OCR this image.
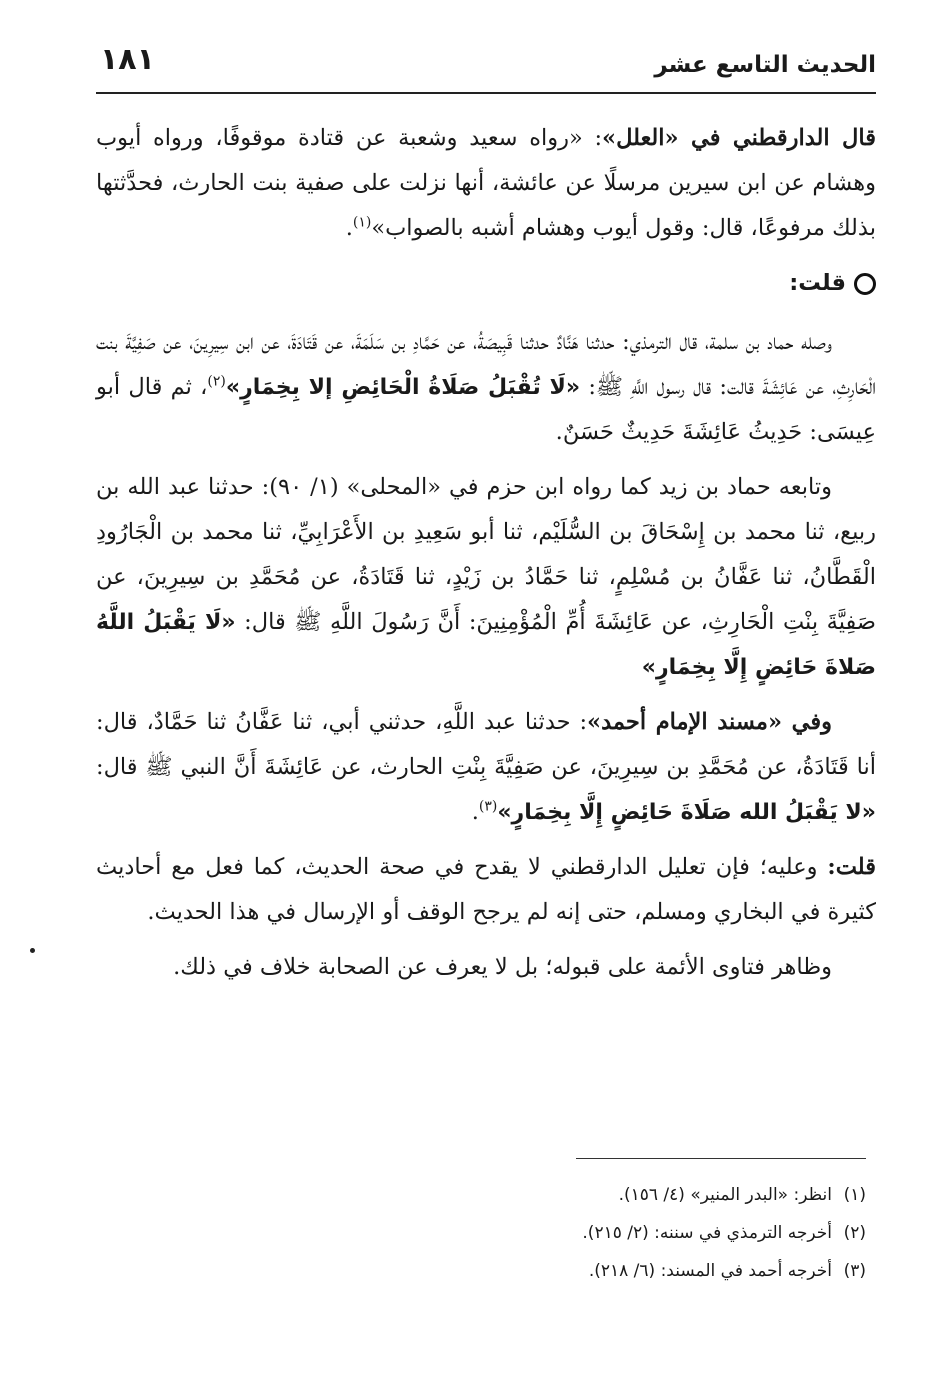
الحديث التاسع عشر
١٨١

قال الدارقطني في «العلل»: «رواه سعيد وشعبة عن قتادة موقوفًا، ورواه أيوب وهشام عن ابن سيرين مرسلًا عن عائشة، أنها نزلت على صفية بنت الحارث، فحدَّثتها بذلك مرفوعًا، قال: وقول أيوب وهشام أشبه بالصواب»$^{(١)}$.

قلت:

وصله حماد بن سلمة، قال الترمذي: حدثنا هَنَّادٌ حدثنا قَبِيصَةُ، عن حَمَّادِ بن سَلَمَةَ، عن قَتَادَةَ، عن ابن سِيرِينَ، عن صَفِيَّةَ بنت الْحَارِثِ، عن عَائِشَةَ قالت: قال رسول اللَّهِ ﷺ: «لَا تُقْبَلُ صَلَاةُ الْحَائِضِ إلا بِخِمَارٍ»$^{(٢)}$، ثم قال أبو عِيسَى: حَدِيثُ عَائِشَةَ حَدِيثٌ حَسَنٌ.

وتابعه حماد بن زيد كما رواه ابن حزم في «المحلى» (١/ ٩٠): حدثنا عبد الله بن ربيع، ثنا محمد بن إِسْحَاقَ بن السُّلَيْم، ثنا أبو سَعِيدِ بن الأَعْرَابِيِّ، ثنا محمد بن الْجَارُودِ الْقَطَّانُ، ثنا عَفَّانُ بن مُسْلِمٍ، ثنا حَمَّادُ بن زَيْدٍ، ثنا قَتَادَةُ، عن مُحَمَّدِ بن سِيرِينَ، عن صَفِيَّةَ بِنْتِ الْحَارِثِ، عن عَائِشَةَ أُمِّ الْمُؤْمِنِينَ: أَنَّ رَسُولَ اللَّهِ ﷺ قال: «لَا يَقْبَلُ اللَّهُ صَلاةَ حَائِضٍ إِلَّا بِخِمَارٍ»

وفي «مسند الإمام أحمد»: حدثنا عبد اللَّهِ، حدثني أبي، ثنا عَفَّانُ ثنا حَمَّادٌ، قال: أنا قَتَادَةُ، عن مُحَمَّدِ بن سِيرِينَ، عن صَفِيَّةَ بِنْتِ الحارث، عن عَائِشَةَ أَنَّ النبي ﷺ قال: «لا يَقْبَلُ الله صَلَاةَ حَائِضٍ إِلَّا بِخِمَارٍ»$^{(٣)}$.

قلت: وعليه؛ فإن تعليل الدارقطني لا يقدح في صحة الحديث، كما فعل مع أحاديث كثيرة في البخاري ومسلم، حتى إنه لم يرجح الوقف أو الإرسال في هذا الحديث.

وظاهر فتاوى الأئمة على قبوله؛ بل لا يعرف عن الصحابة خلاف في ذلك.

(١)انظر: «البدر المنير» (٤/ ١٥٦).
(٢)أخرجه الترمذي في سننه: (٢/ ٢١٥).
(٣)أخرجه أحمد في المسند: (٦/ ٢١٨).
